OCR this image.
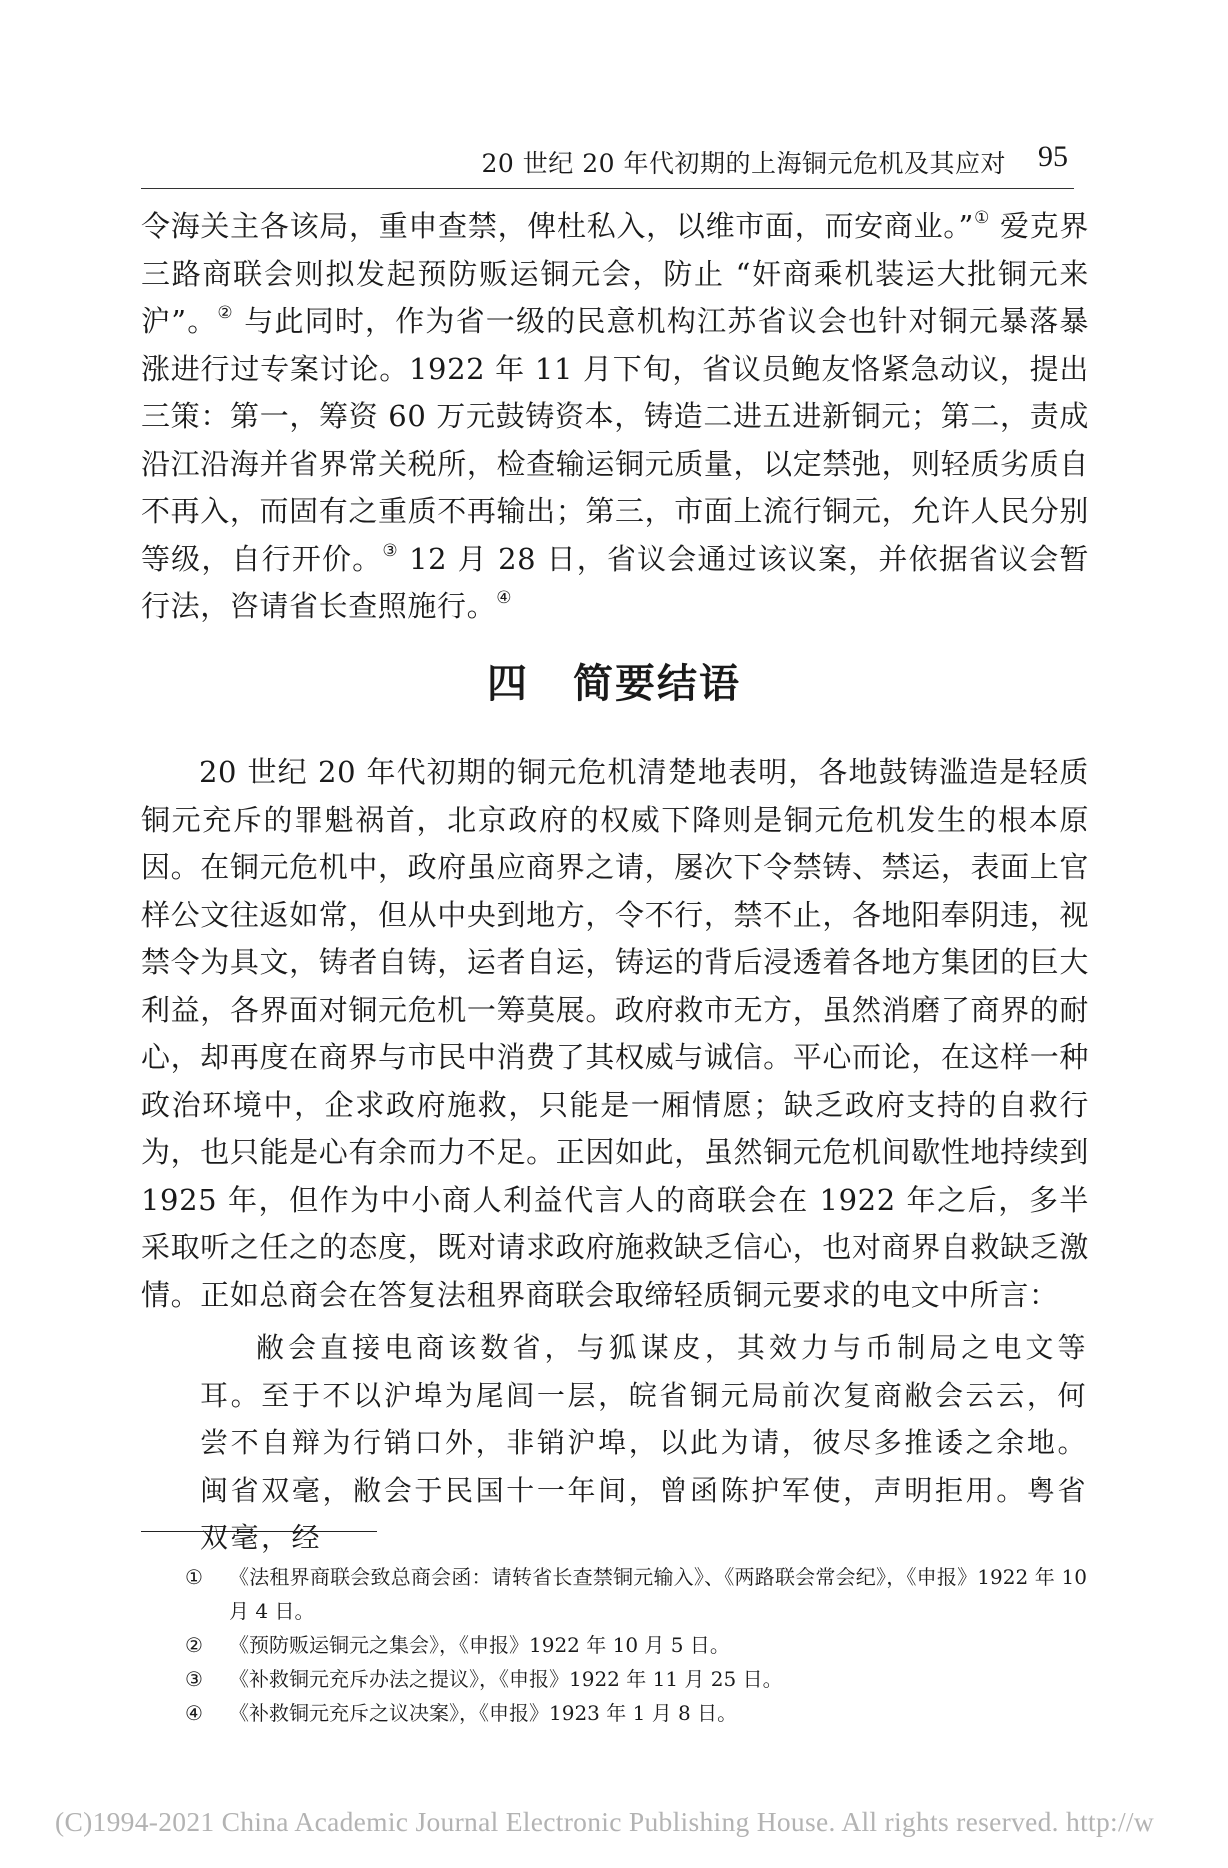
20 世纪 20 年代初期的上海铜元危机及其应对 95

令海关主各该局，重申查禁，俾杜私入，以维市面，而安商业。”① 爱克界三路商联会则拟发起预防贩运铜元会，防止 “奸商乘机装运大批铜元来沪”。② 与此同时，作为省一级的民意机构江苏省议会也针对铜元暴落暴涨进行过专案讨论。1922 年 11 月下旬，省议员鲍友恪紧急动议，提出三策：第一，筹资 60 万元鼓铸资本，铸造二进五进新铜元；第二，责成沿江沿海并省界常关税所，检查输运铜元质量，以定禁弛，则轻质劣质自不再入，而固有之重质不再输出；第三，市面上流行铜元，允许人民分别等级，自行开价。③ 12 月 28 日，省议会通过该议案，并依据省议会暂行法，咨请省长查照施行。④

四 简要结语

20 世纪 20 年代初期的铜元危机清楚地表明，各地鼓铸滥造是轻质铜元充斥的罪魁祸首，北京政府的权威下降则是铜元危机发生的根本原因。在铜元危机中，政府虽应商界之请，屡次下令禁铸、禁运，表面上官样公文往返如常，但从中央到地方，令不行，禁不止，各地阳奉阴违，视禁令为具文，铸者自铸，运者自运，铸运的背后浸透着各地方集团的巨大利益，各界面对铜元危机一筹莫展。政府救市无方，虽然消磨了商界的耐心，却再度在商界与市民中消费了其权威与诚信。平心而论，在这样一种政治环境中，企求政府施救，只能是一厢情愿；缺乏政府支持的自救行为，也只能是心有余而力不足。正因如此，虽然铜元危机间歇性地持续到 1925 年，但作为中小商人利益代言人的商联会在 1922 年之后，多半采取听之任之的态度，既对请求政府施救缺乏信心，也对商界自救缺乏激情。正如总商会在答复法租界商联会取缔轻质铜元要求的电文中所言：

敝会直接电商该数省，与狐谋皮，其效力与币制局之电文等耳。至于不以沪埠为尾闾一层，皖省铜元局前次复商敝会云云，何尝不自辩为行销口外，非销沪埠，以此为请，彼尽多推诿之余地。闽省双毫，敝会于民国十一年间，曾函陈护军使，声明拒用。粤省双毫，经

① 《法租界商联会致总商会函：请转省长查禁铜元输入》、《两路联会常会纪》，《申报》1922 年 10 月 4 日。
② 《预防贩运铜元之集会》，《申报》1922 年 10 月 5 日。
③ 《补救铜元充斥办法之提议》，《申报》1922 年 11 月 25 日。
④ 《补救铜元充斥之议决案》，《申报》1923 年 1 月 8 日。
(C)1994-2021 China Academic Journal Electronic Publishing House. All rights reserved. http://w
